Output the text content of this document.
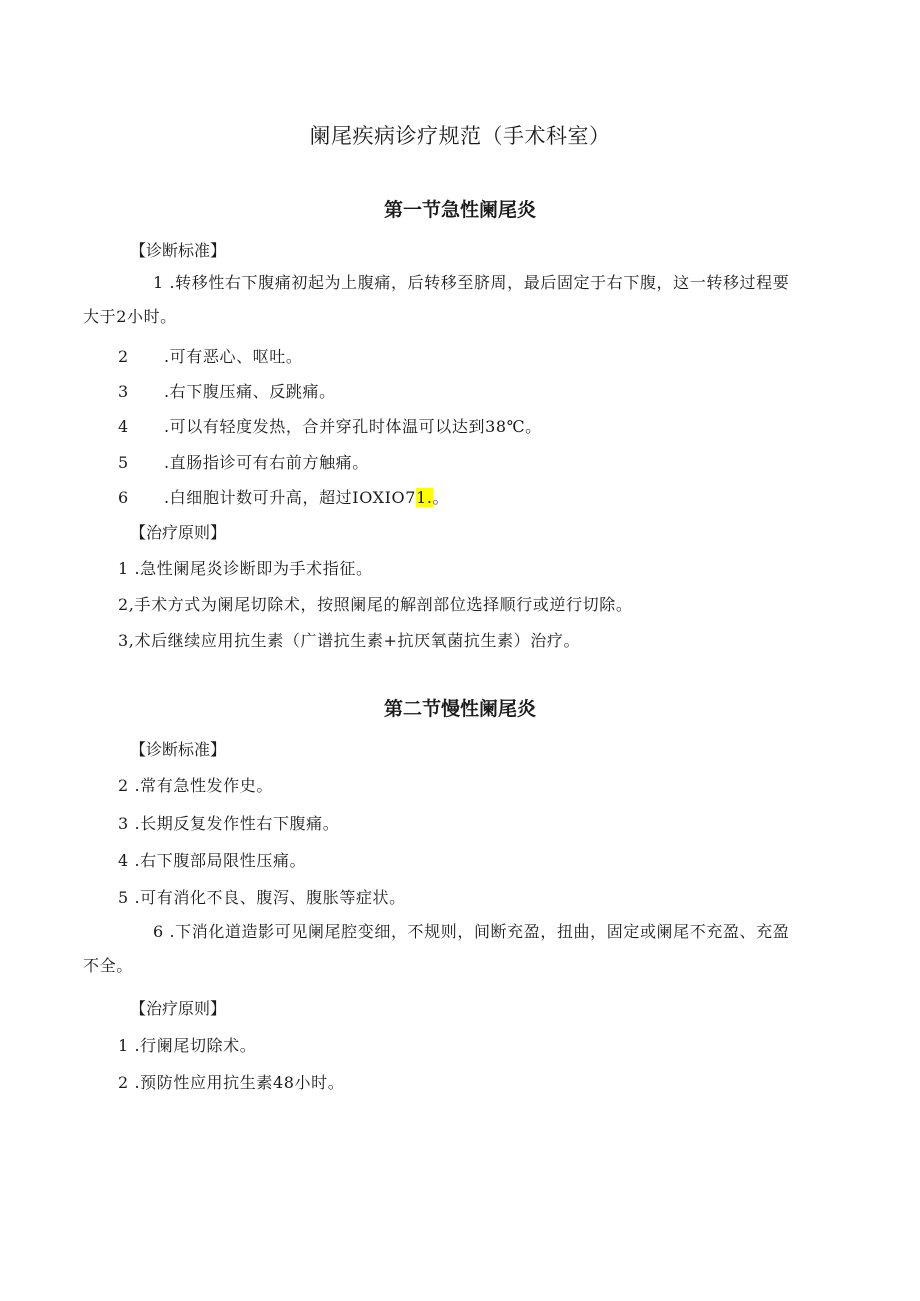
阑尾疾病诊疗规范（手术科室）
第一节急性阑尾炎
【诊断标准】
1 .转移性右下腹痛初起为上腹痛，后转移至脐周，最后固定于右下腹，这一转移过程要大于2小时。
2 .可有恶心、呕吐。
3 .右下腹压痛、反跳痛。
4 .可以有轻度发热，合并穿孔时体温可以达到38℃。
5 .直肠指诊可有右前方触痛。
6 .白细胞计数可升高，超过IOXIO71.。
【治疗原则】
1 .急性阑尾炎诊断即为手术指征。
2,手术方式为阑尾切除术，按照阑尾的解剖部位选择顺行或逆行切除。
3,术后继续应用抗生素（广谱抗生素+抗厌氧菌抗生素）治疗。
第二节慢性阑尾炎
【诊断标准】
2 .常有急性发作史。
3 .长期反复发作性右下腹痛。
4 .右下腹部局限性压痛。
5 .可有消化不良、腹泻、腹胀等症状。
6 .下消化道造影可见阑尾腔变细，不规则，间断充盈，扭曲，固定或阑尾不充盈、充盈不全。
【治疗原则】
1 .行阑尾切除术。
2 .预防性应用抗生素48小时。
